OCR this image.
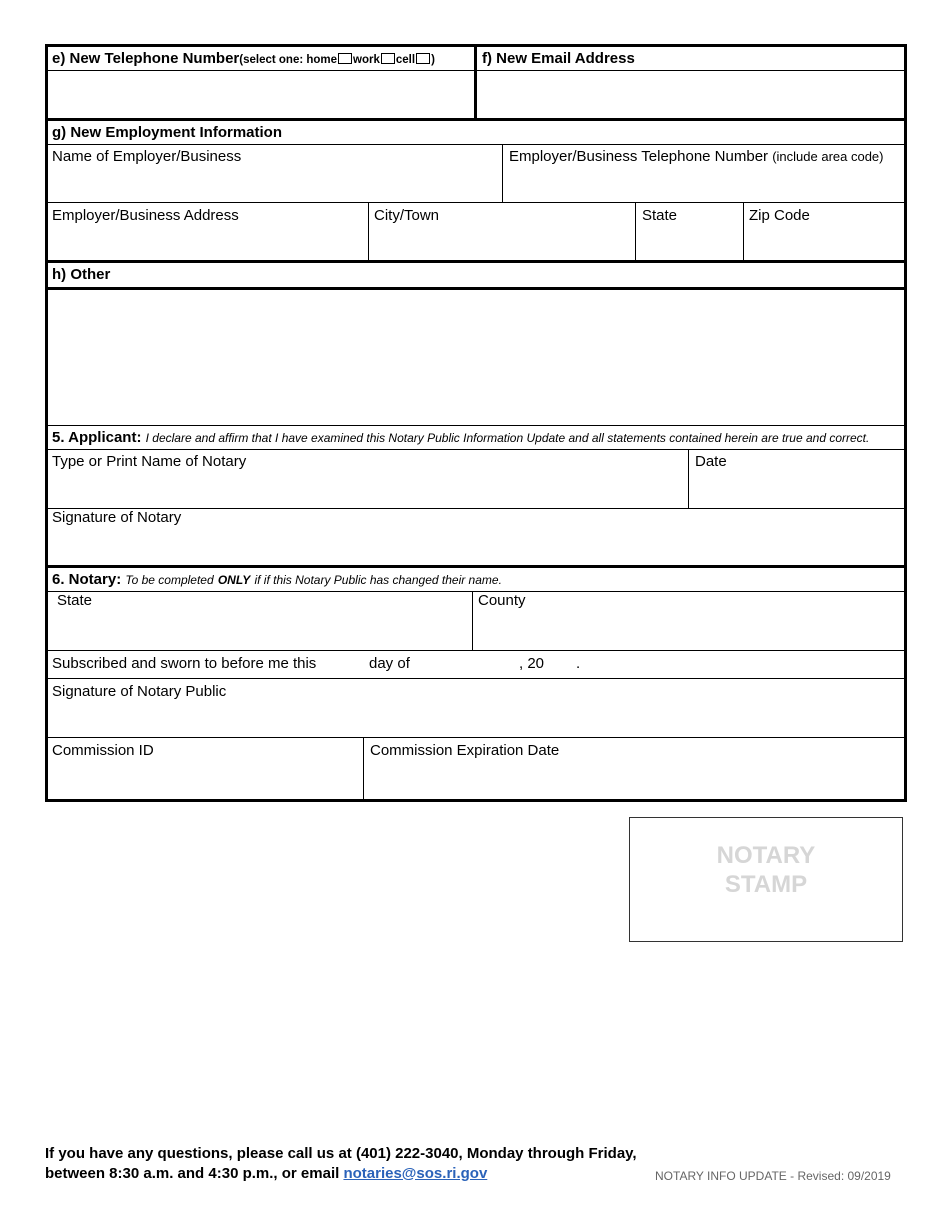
e) New Telephone Number(select one: home work cell )	f) New Email Address
g) New Employment Information
Name of Employer/Business	Employer/Business Telephone Number (include area code)
Employer/Business Address	City/Town	State	Zip Code
h) Other
5. Applicant: I declare and affirm that I have examined this Notary Public Information Update and all statements contained herein are true and correct.
Type or Print Name of Notary	Date
Signature of Notary
6. Notary: To be completed ONLY if if this Notary Public has changed their name.
State	County
Subscribed and sworn to before me this	day of	, 20 .
Signature of Notary Public
Commission ID	Commission Expiration Date
NOTARY
STAMP
If you have any questions, please call us at (401) 222-3040, Monday through Friday,
between 8:30 a.m. and 4:30 p.m., or email notaries@sos.ri.gov	NOTARY INFO UPDATE - Revised: 09/2019
